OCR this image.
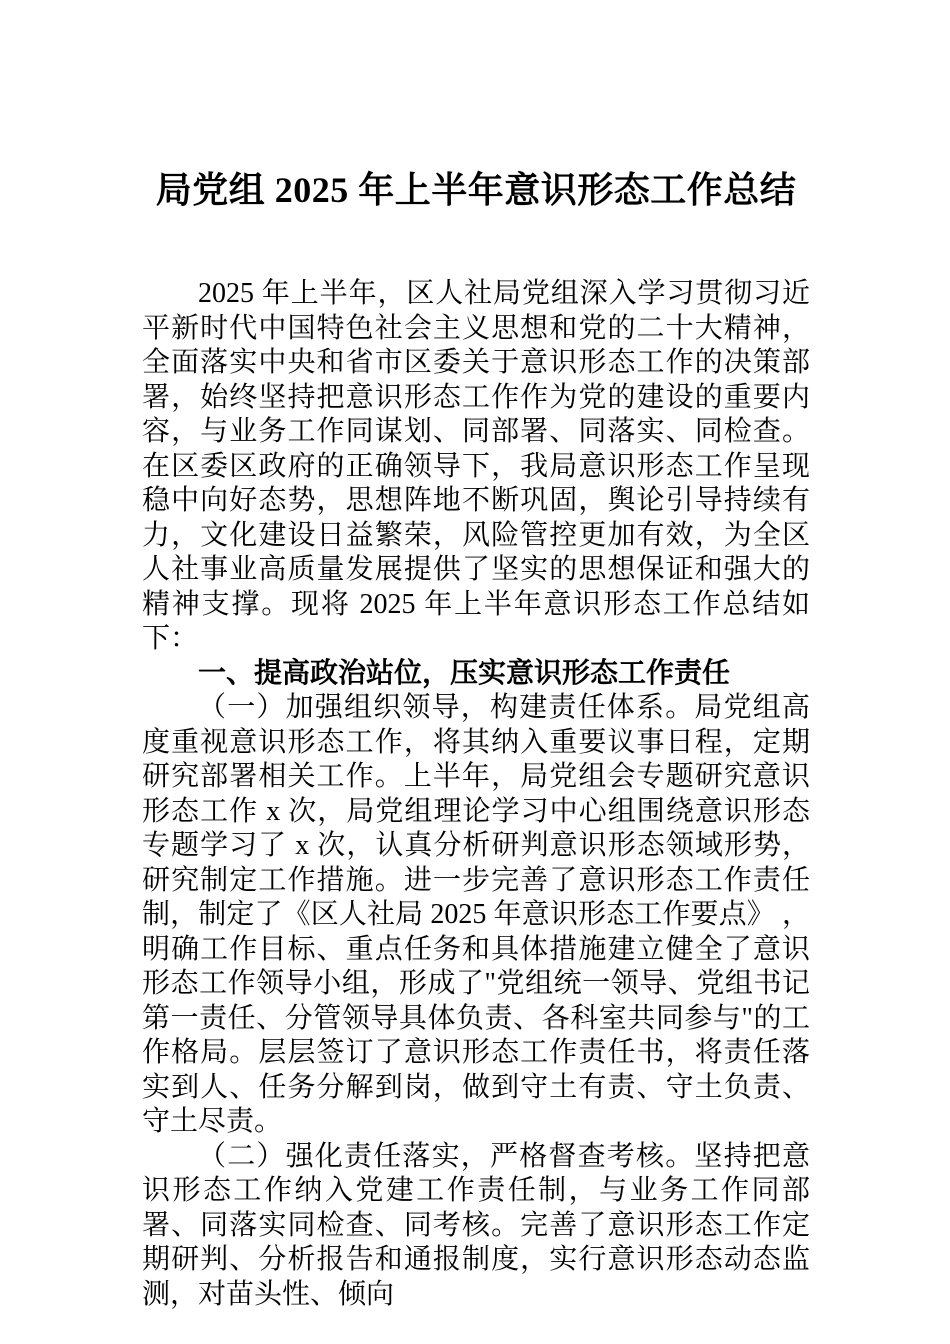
局党组 2025 年上半年意识形态工作总结

2025 年上半年，区人社局党组深入学习贯彻习近平新时代中国特色社会主义思想和党的二十大精神，全面落实中央和省市区委关于意识形态工作的决策部署，始终坚持把意识形态工作作为党的建设的重要内容，与业务工作同谋划、同部署、同落实、同检查。在区委区政府的正确领导下，我局意识形态工作呈现稳中向好态势，思想阵地不断巩固，舆论引导持续有力，文化建设日益繁荣，风险管控更加有效，为全区人社事业高质量发展提供了坚实的思想保证和强大的精神支撑。现将 2025 年上半年意识形态工作总结如下：

一、提高政治站位，压实意识形态工作责任

（一）加强组织领导，构建责任体系。局党组高度重视意识形态工作，将其纳入重要议事日程，定期研究部署相关工作。上半年，局党组会专题研究意识形态工作 x 次，局党组理论学习中心组围绕意识形态专题学习了 x 次，认真分析研判意识形态领域形势，研究制定工作措施。进一步完善了意识形态工作责任制，制定了《区人社局 2025 年意识形态工作要点》 ，明确工作目标、重点任务和具体措施建立健全了意识形态工作领导小组，形成了"党组统一领导、党组书记第一责任、分管领导具体负责、各科室共同参与"的工作格局。层层签订了意识形态工作责任书，将责任落实到人、任务分解到岗，做到守土有责、守土负责、守土尽责。

（二）强化责任落实，严格督查考核。坚持把意识形态工作纳入党建工作责任制，与业务工作同部署、同落实同检查、同考核。完善了意识形态工作定期研判、分析报告和通报制度，实行意识形态动态监测，对苗头性、倾向
